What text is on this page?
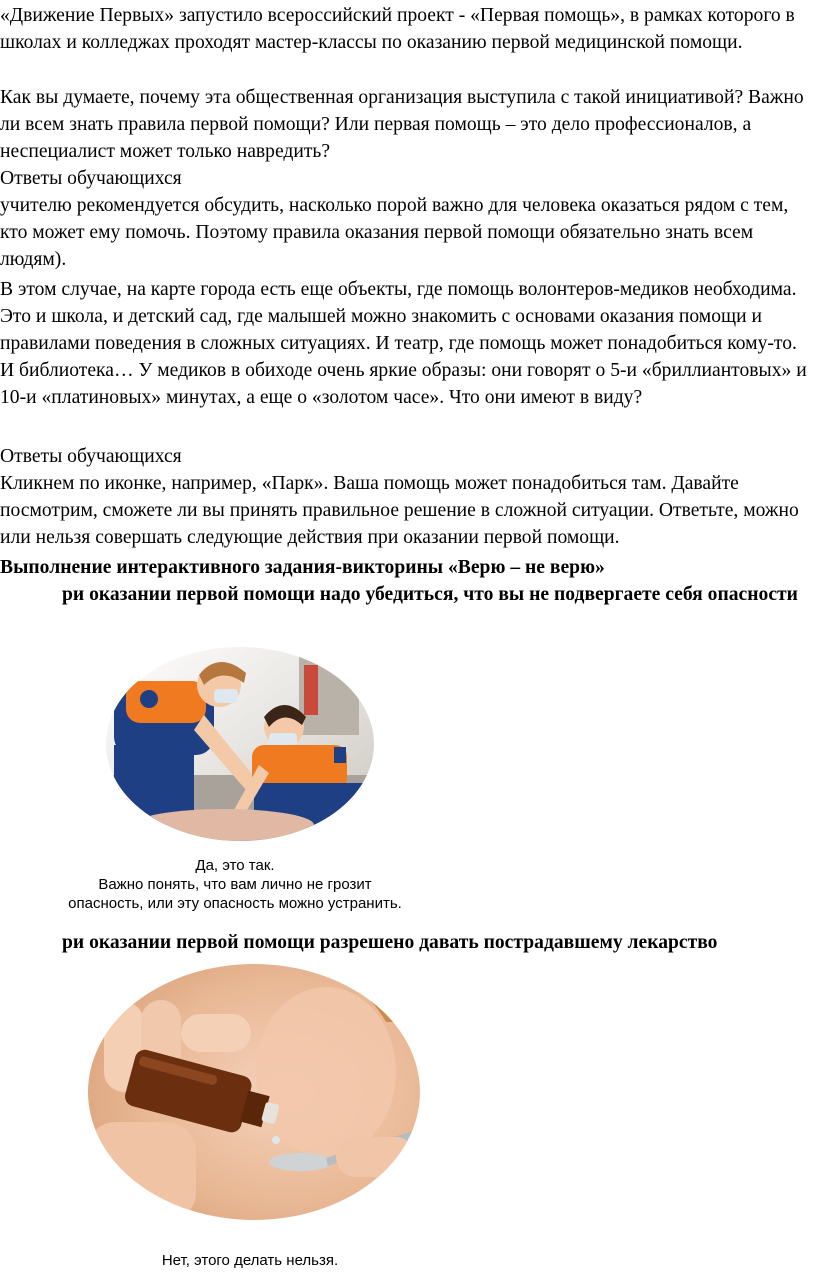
«Движение Первых» запустило всероссийский проект - «Первая помощь», в рамках которого в школах и колледжах проходят мастер-классы по оказанию первой медицинской помощи.

Как вы думаете, почему эта общественная организация выступила с такой инициативой? Важно ли всем знать правила первой помощи? Или первая помощь – это дело профессионалов, а неспециалист может только навредить?

Ответы обучающихся

учителю рекомендуется обсудить, насколько порой важно для человека оказаться рядом с тем, кто может ему помочь. Поэтому правила оказания первой помощи обязательно знать всем людям).

В этом случае, на карте города есть еще объекты, где помощь волонтеров-медиков необходима. Это и школа, и детский сад, где малышей можно знакомить с основами оказания помощи и правилами поведения в сложных ситуациях. И театр, где помощь может понадобиться кому-то. И библиотека… У медиков в обиходе очень яркие образы: они говорят о 5-и «бриллиантовых» и 10-и «платиновых» минутах, а еще о «золотом часе». Что они имеют в виду?

Ответы обучающихся

Кликнем по иконке, например, «Парк». Ваша помощь может понадобиться там. Давайте посмотрим, сможете ли вы принять правильное решение в сложной ситуации. Ответьте, можно или нельзя совершать следующие действия при оказании первой помощи.

Выполнение интерактивного задания-викторины «Верю – не верю»

ри оказании первой помощи надо убедиться, что вы не подвергаете себя опасности

Да, это так.
Важно понять, что вам лично не грозит
опасность, или эту опасность можно устранить.

ри оказании первой помощи разрешено давать пострадавшему лекарство

Нет, этого делать нельзя.
